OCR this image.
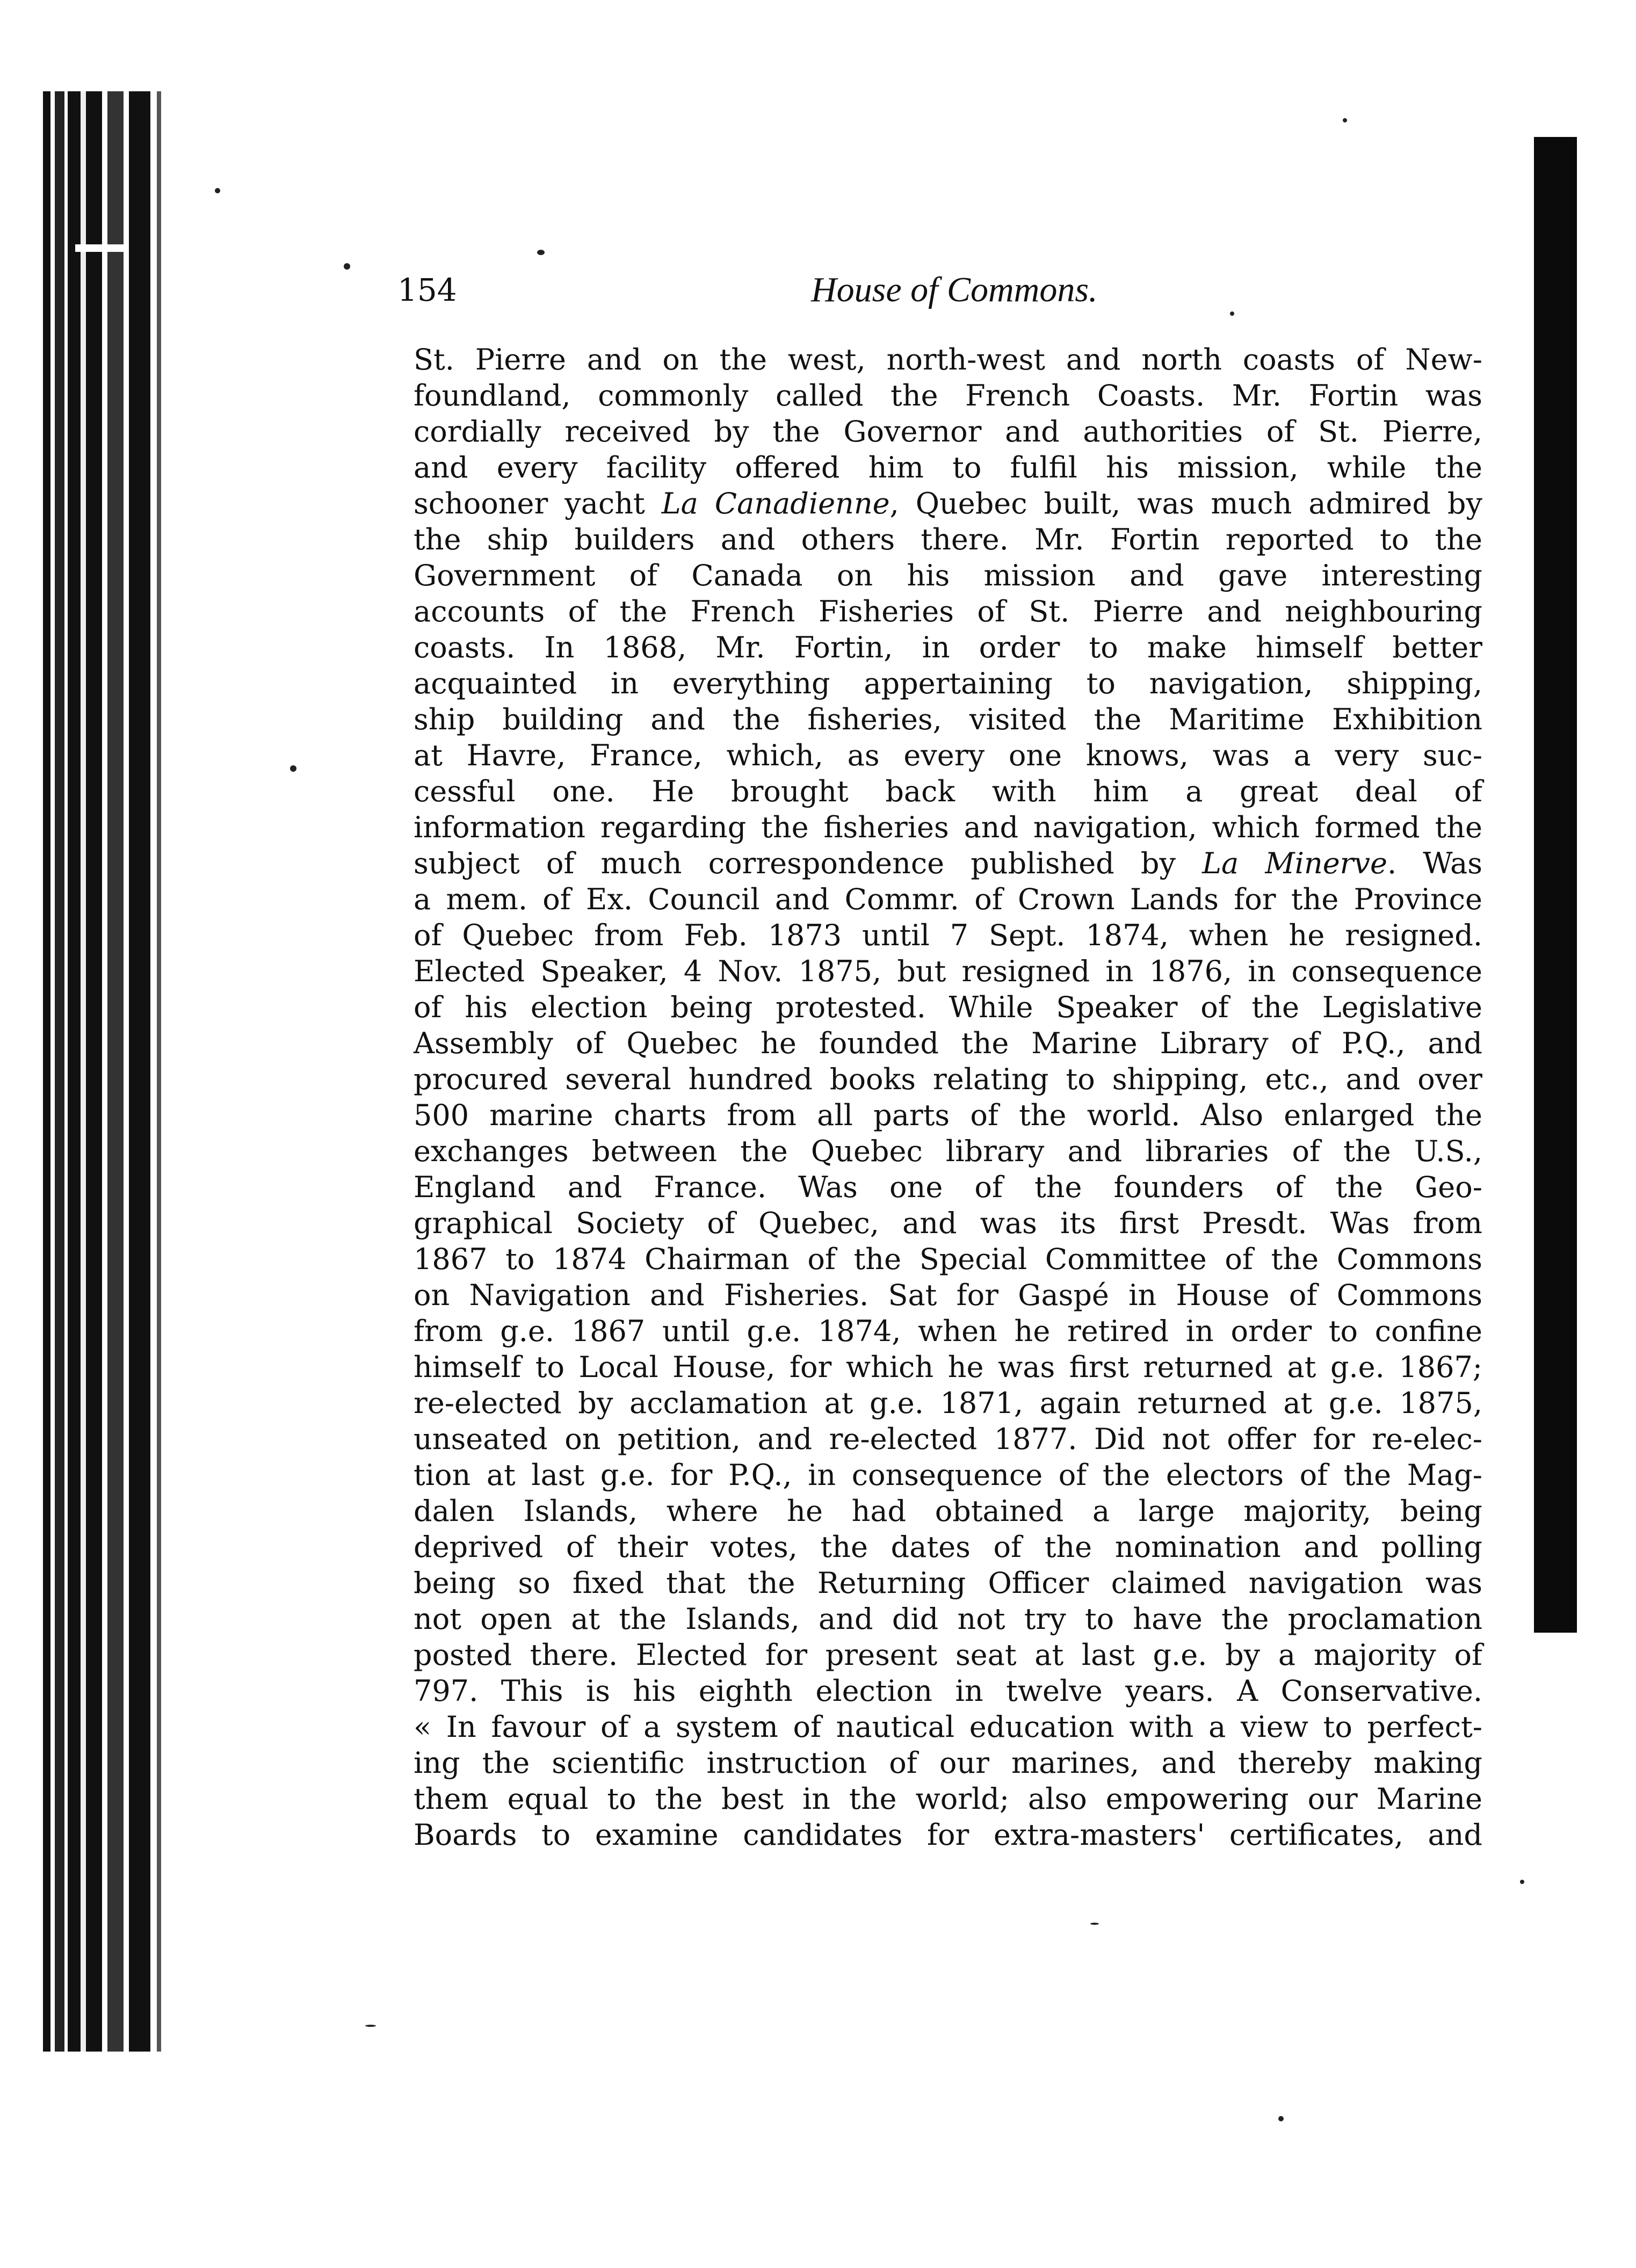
154	House of Commons.
St. Pierre and on the west, north-west and north coasts of New-
foundland, commonly called the French Coasts. Mr. Fortin was
cordially received by the Governor and authorities of St. Pierre,
and every facility offered him to fulfil his mission, while the
schooner yacht La Canadienne, Quebec built, was much admired by
the ship builders and others there. Mr. Fortin reported to the
Government of Canada on his mission and gave interesting
accounts of the French Fisheries of St. Pierre and neighbouring
coasts. In 1868, Mr. Fortin, in order to make himself better
acquainted in everything appertaining to navigation, shipping,
ship building and the fisheries, visited the Maritime Exhibition
at Havre, France, which, as every one knows, was a very suc-
cessful one. He brought back with him a great deal of
information regarding the fisheries and navigation, which formed the
subject of much correspondence published by La Minerve. Was
a mem. of Ex. Council and Commr. of Crown Lands for the Province
of Quebec from Feb. 1873 until 7 Sept. 1874, when he resigned.
Elected Speaker, 4 Nov. 1875, but resigned in 1876, in consequence
of his election being protested. While Speaker of the Legislative
Assembly of Quebec he founded the Marine Library of P.Q., and
procured several hundred books relating to shipping, etc., and over
500 marine charts from all parts of the world. Also enlarged the
exchanges between the Quebec library and libraries of the U.S.,
England and France. Was one of the founders of the Geo-
graphical Society of Quebec, and was its first Presdt. Was from
1867 to 1874 Chairman of the Special Committee of the Commons
on Navigation and Fisheries. Sat for Gaspé in House of Commons
from g.e. 1867 until g.e. 1874, when he retired in order to confine
himself to Local House, for which he was first returned at g.e. 1867;
re-elected by acclamation at g.e. 1871, again returned at g.e. 1875,
unseated on petition, and re-elected 1877. Did not offer for re-elec-
tion at last g.e. for P.Q., in consequence of the electors of the Mag-
dalen Islands, where he had obtained a large majority, being
deprived of their votes, the dates of the nomination and polling
being so fixed that the Returning Officer claimed navigation was
not open at the Islands, and did not try to have the proclamation
posted there. Elected for present seat at last g.e. by a majority of
797. This is his eighth election in twelve years. A Conservative.
« In favour of a system of nautical education with a view to perfect-
ing the scientific instruction of our marines, and thereby making
them equal to the best in the world; also empowering our Marine
Boards to examine candidates for extra-masters' certificates, and
